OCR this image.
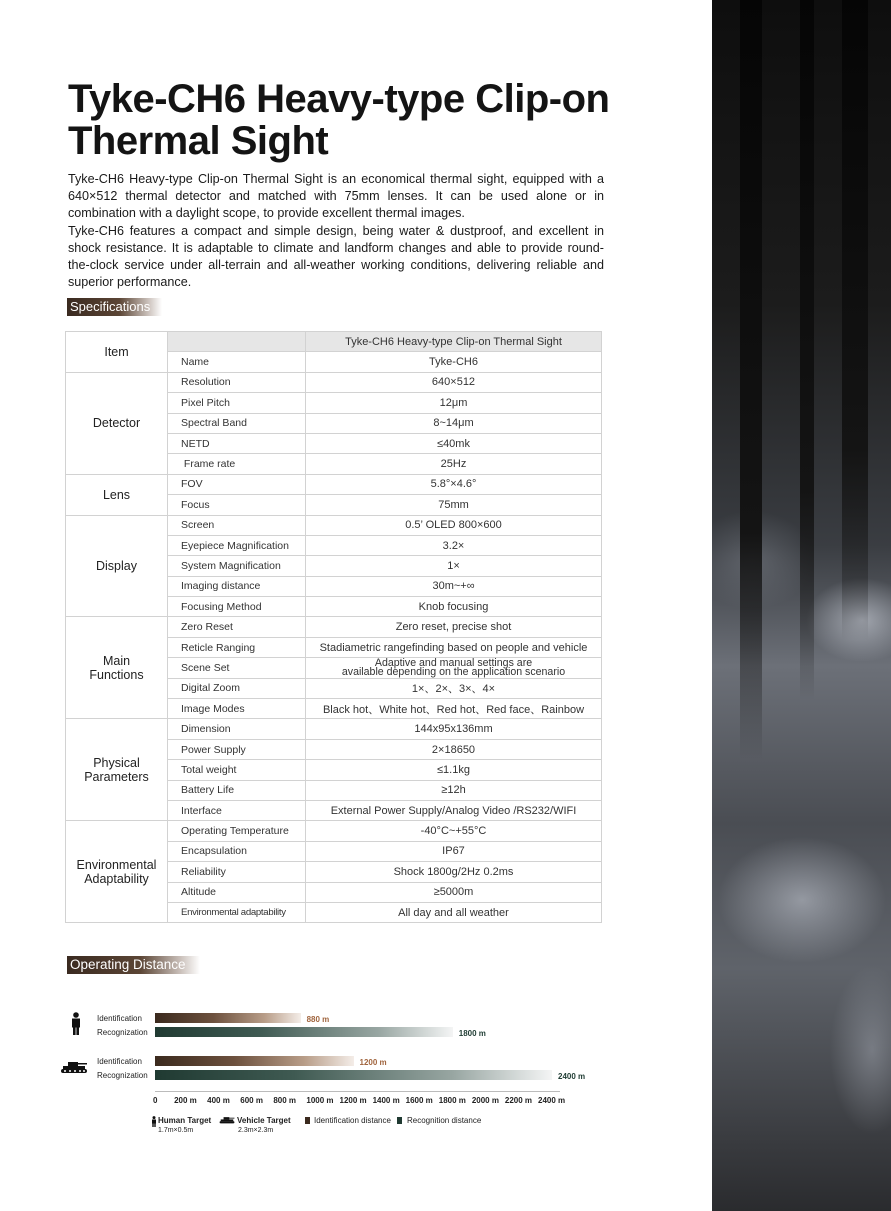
Tyke-CH6 Heavy-type Clip-on Thermal Sight

Tyke-CH6 Heavy-type Clip-on Thermal Sight is an economical thermal sight, equipped with a 640×512 thermal detector and matched with 75mm lenses. It can be used alone or in combination with a daylight scope, to provide excellent thermal images.

Tyke-CH6 features a compact and simple design, being water & dustproof, and excellent in shock resistance. It is adaptable to climate and landform changes and able to provide round-the-clock service under all-terrain and all-weather working conditions, delivering reliable and superior performance.

Specifications
Item		Tyke-CH6 Heavy-type Clip-on Thermal Sight
	Name	Tyke-CH6
Detector	Resolution	640×512
	Pixel Pitch	12μm
	Spectral Band	8~14μm
	NETD	≤40mk
	Frame rate	25Hz
Lens	FOV	5.8°×4.6°
	Focus	75mm
Display	Screen	0.5’ OLED 800×600
	Eyepiece Magnification	3.2×
	System Magnification	1×
	Imaging distance	30m~+∞
	Focusing Method	Knob focusing
Main
Functions	Zero Reset	Zero reset, precise shot
	Reticle Ranging	Stadiametric rangefinding based on people and vehicle
	Scene Set	Adaptive and manual settings are
available depending on the application scenario
	Digital Zoom	1×、2×、3×、4×
	Image Modes	Black hot、White hot、Red hot、Red face、Rainbow
Physical
Parameters	Dimension	144x95x136mm
	Power Supply	2×18650
	Total weight	≤1.1kg
	Battery Life	≥12h
	Interface	External Power Supply/Analog Video /RS232/WIFI
Environmental
Adaptability	Operating Temperature	-40°C~+55°C
	Encapsulation	IP67
	Reliability	Shock 1800g/2Hz 0.2ms
	Altitude	≥5000m
	Environmental adaptability	All day and all weather
Operating Distance
Identification
Recognization
Identification
Recognization
880 m
1800 m
1200 m
2400 m
0 200 m 400 m 600 m 800 m 1000 m 1200 m 1400 m 1600 m 1800 m 2000 m 2200 m 2400 m
Human Target
1.7m×0.5m
Vehicle Target
2.3m×2.3m
Identification distance Recognition distance
